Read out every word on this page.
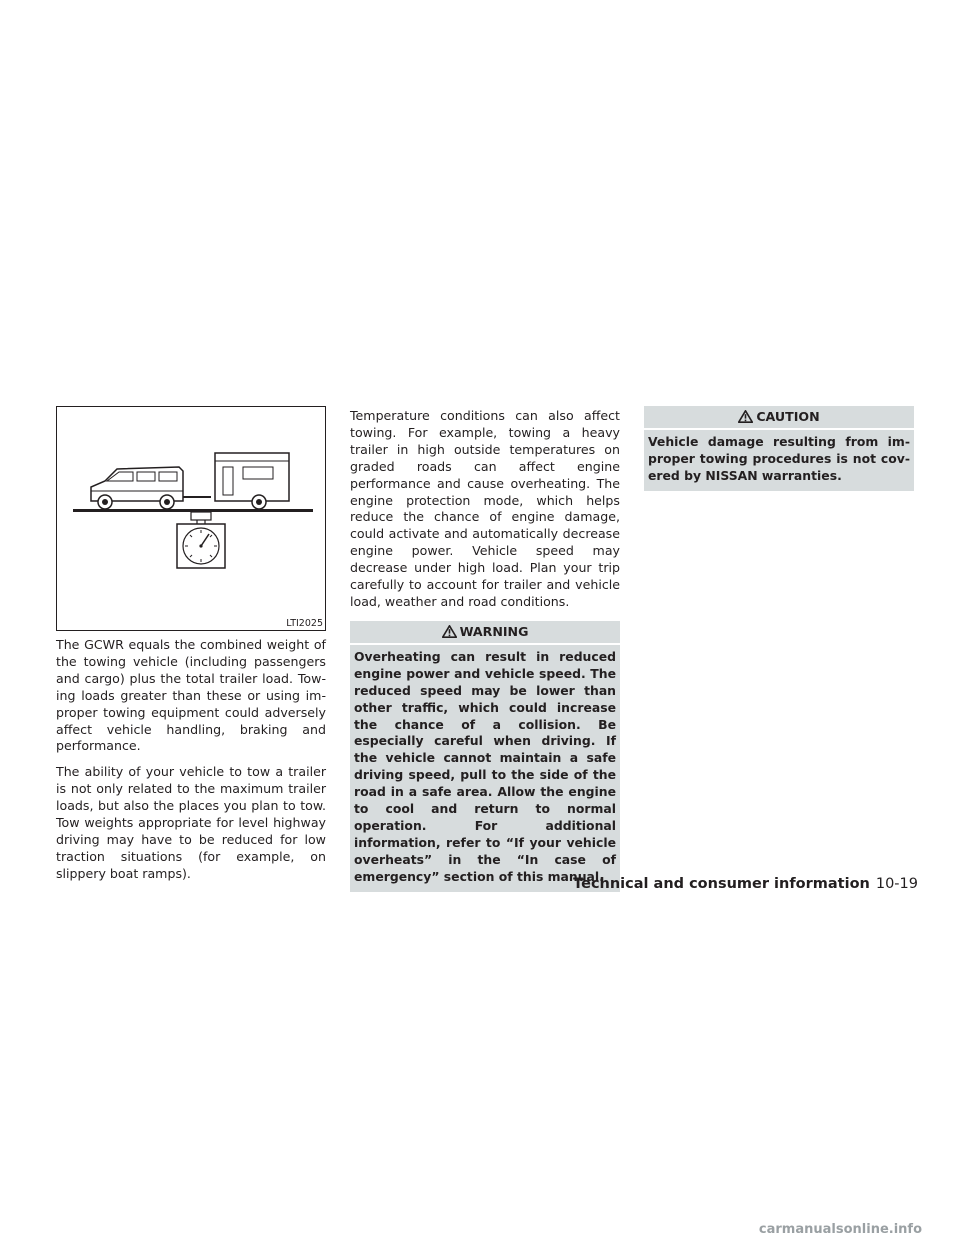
LTI2025

The GCWR equals the combined weight of the towing vehicle (including passengers and cargo) plus the total trailer load. Towing loads greater than these or using improper towing equipment could adversely affect vehicle handling, braking and performance.

The ability of your vehicle to tow a trailer is not only related to the maximum trailer loads, but also the places you plan to tow. Tow weights appropriate for level highway driving may have to be reduced for low traction situations (for example, on slippery boat ramps).

Temperature conditions can also affect towing. For example, towing a heavy trailer in high outside temperatures on graded roads can affect engine performance and cause overheating. The engine protection mode, which helps reduce the chance of engine damage, could activate and automatically decrease engine power. Vehicle speed may decrease under high load. Plan your trip carefully to account for trailer and vehicle load, weather and road conditions.

WARNING
Overheating can result in reduced engine power and vehicle speed. The reduced speed may be lower than other traffic, which could increase the chance of a collision. Be especially careful when driving. If the vehicle cannot maintain a safe driving speed, pull to the side of the road in a safe area. Allow the engine to cool and return to normal operation. For additional information, refer to “If your vehicle overheats” in the “In case of emergency” section of this manual.
CAUTION
Vehicle damage resulting from improper towing procedures is not covered by NISSAN warranties.
Technical and consumer information 10-19
carmanualsonline.info
